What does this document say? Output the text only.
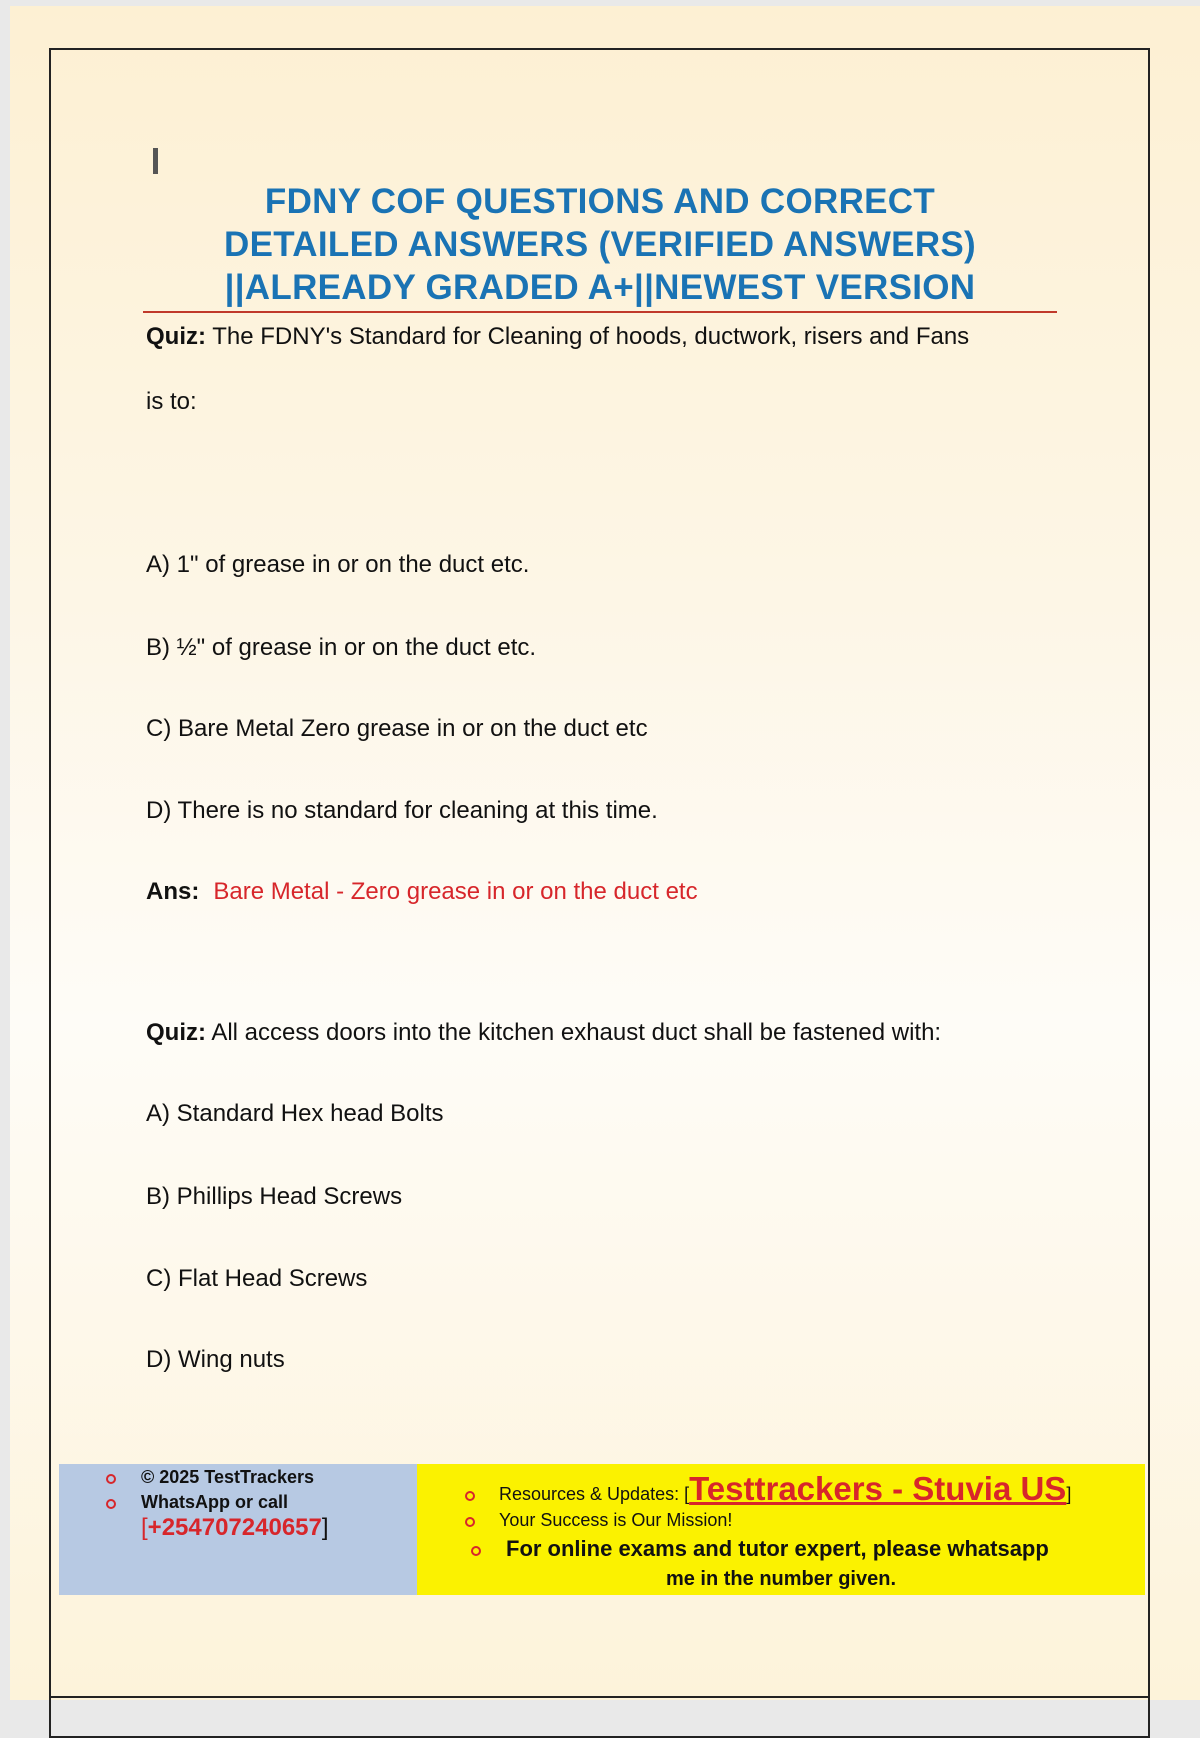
FDNY COF QUESTIONS AND CORRECT
DETAILED ANSWERS (VERIFIED ANSWERS)
||ALREADY GRADED A+||NEWEST VERSION
Quiz: The FDNY's Standard for Cleaning of hoods, ductwork, risers and Fans
is to:
A) 1" of grease in or on the duct etc.
B) ½" of grease in or on the duct etc.
C) Bare Metal Zero grease in or on the duct etc
D) There is no standard for cleaning at this time.
Ans: Bare Metal - Zero grease in or on the duct etc
Quiz: All access doors into the kitchen exhaust duct shall be fastened with:
A) Standard Hex head Bolts
B) Phillips Head Screws
C) Flat Head Screws
D) Wing nuts
© 2025 TestTrackers
WhatsApp or call
[+254707240657]
Resources & Updates: [Testtrackers - Stuvia US]
Your Success is Our Mission!
For online exams and tutor expert, please whatsapp
me in the number given.
